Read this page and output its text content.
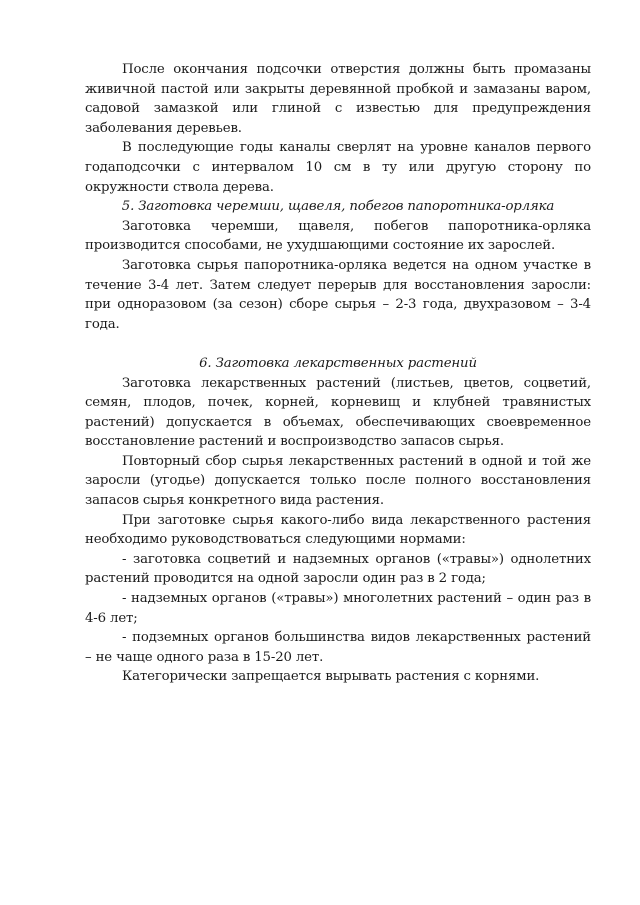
После окончания подсочки отверстия должны быть промазаны живичной пастой или закрыты деревянной пробкой и замазаны варом, садовой замазкой или глиной с известью для предупреждения заболевания деревьев.

В последующие годы каналы сверлят на уровне каналов первого годаподсочки с интервалом 10 см в ту или другую сторону по окружности ствола дерева.

5. Заготовка черемши, щавеля, побегов папоротника-орляка

Заготовка черемши, щавеля, побегов папоротника-орляка производится способами, не ухудшающими состояние их зарослей.

Заготовка сырья папоротника-орляка ведется на одном участке в течение 3-4 лет. Затем следует перерыв для восстановления заросли: при одноразовом (за сезон) сборе сырья – 2-3 года, двухразовом – 3-4 года.

6. Заготовка лекарственных растений

Заготовка лекарственных растений (листьев, цветов, соцветий, семян, плодов, почек, корней, корневищ и клубней травянистых растений) допускается в объемах, обеспечивающих своевременное восстановление растений и воспроизводство запасов сырья.

Повторный сбор сырья лекарственных растений в одной и той же заросли (угодье) допускается только после полного восстановления запасов сырья конкретного вида растения.

При заготовке сырья какого-либо вида лекарственного растения необходимо руководствоваться следующими нормами:

- заготовка соцветий и надземных органов («травы») однолетних растений проводится на одной заросли один раз в 2 года;

- надземных органов («травы») многолетних растений – один раз в 4-6 лет;

- подземных органов большинства видов лекарственных растений – не чаще одного раза в 15-20 лет.

Категорически запрещается вырывать растения с корнями.
